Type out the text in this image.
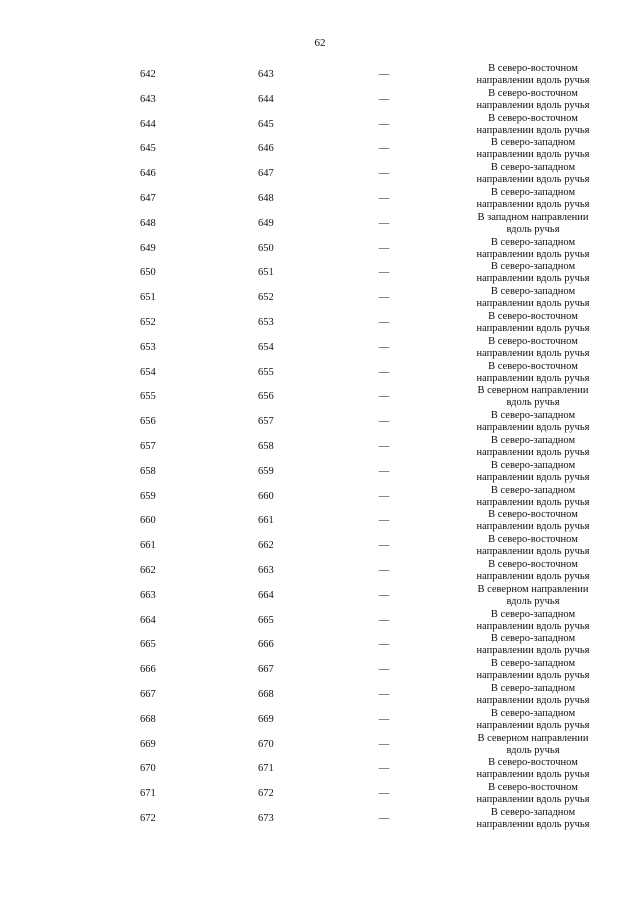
62
642	643	—
В северо-восточном
направлении вдоль ручья
643	644	—
В северо-восточном
направлении вдоль ручья
644	645	—
В северо-восточном
направлении вдоль ручья
645	646	—
В северо-западном
направлении вдоль ручья
646	647	—
В северо-западном
направлении вдоль ручья
647	648	—
В северо-западном
направлении вдоль ручья
648	649	—
В западном направлении
вдоль ручья
649	650	—
В северо-западном
направлении вдоль ручья
650	651	—
В северо-западном
направлении вдоль ручья
651	652	—
В северо-западном
направлении вдоль ручья
652	653	—
В северо-восточном
направлении вдоль ручья
653	654	—
В северо-восточном
направлении вдоль ручья
654	655	—
В северо-восточном
направлении вдоль ручья
655	656	—
В северном направлении
вдоль ручья
656	657	—
В северо-западном
направлении вдоль ручья
657	658	—
В северо-западном
направлении вдоль ручья
658	659	—
В северо-западном
направлении вдоль ручья
659	660	—
В северо-западном
направлении вдоль ручья
660	661	—
В северо-восточном
направлении вдоль ручья
661	662	—
В северо-восточном
направлении вдоль ручья
662	663	—
В северо-восточном
направлении вдоль ручья
663	664	—
В северном направлении
вдоль ручья
664	665	—
В северо-западном
направлении вдоль ручья
665	666	—
В северо-западном
направлении вдоль ручья
666	667	—
В северо-западном
направлении вдоль ручья
667	668	—
В северо-западном
направлении вдоль ручья
668	669	—
В северо-западном
направлении вдоль ручья
669	670	—
В северном направлении
вдоль ручья
670	671	—
В северо-восточном
направлении вдоль ручья
671	672	—
В северо-восточном
направлении вдоль ручья
672	673	—
В северо-западном
направлении вдоль ручья
